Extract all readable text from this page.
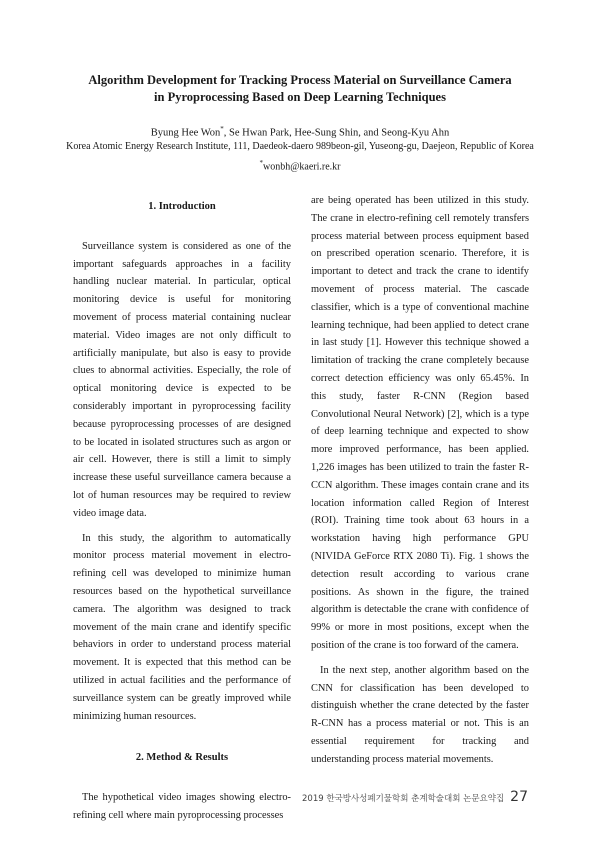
Algorithm Development for Tracking Process Material on Surveillance Camera
in Pyroprocessing Based on Deep Learning Techniques
Byung Hee Won*, Se Hwan Park, Hee-Sung Shin, and Seong-Kyu Ahn
Korea Atomic Energy Research Institute, 111, Daedeok-daero 989beon-gil, Yuseong-gu, Daejeon, Republic of Korea
*wonbh@kaeri.re.kr
1. Introduction

Surveillance system is considered as one of the important safeguards approaches in a facility handling nuclear material. In particular, optical monitoring device is useful for monitoring movement of process material containing nuclear material. Video images are not only difficult to artificially manipulate, but also is easy to provide clues to abnormal activities. Especially, the role of optical monitoring device is expected to be considerably important in pyroprocessing facility because pyroprocessing processes of are designed to be located in isolated structures such as argon or air cell. However, there is still a limit to simply increase these useful surveillance camera because a lot of human resources may be required to review video image data.

In this study, the algorithm to automatically monitor process material movement in electro-refining cell was developed to minimize human resources based on the hypothetical surveillance camera. The algorithm was designed to track movement of the main crane and identify specific behaviors in order to understand process material movement. It is expected that this method can be utilized in actual facilities and the performance of surveillance system can be greatly improved while minimizing human resources.

2. Method & Results

The hypothetical video images showing electro-refining cell where main pyroprocessing processes

are being operated has been utilized in this study. The crane in electro-refining cell remotely transfers process material between process equipment based on prescribed operation scenario. Therefore, it is important to detect and track the crane to identify movement of process material. The cascade classifier, which is a type of conventional machine learning technique, had been applied to detect crane in last study [1]. However this technique showed a limitation of tracking the crane completely because correct detection efficiency was only 65.45%. In this study, faster R-CNN (Region based Convolutional Neural Network) [2], which is a type of deep learning technique and expected to show more improved performance, has been applied. 1,226 images has been utilized to train the faster R-CCN algorithm. These images contain crane and its location information called Region of Interest (ROI). Training time took about 63 hours in a workstation having high performance GPU (NIVIDA GeForce RTX 2080 Ti). Fig. 1 shows the detection result according to various crane positions. As shown in the figure, the trained algorithm is detectable the crane with confidence of 99% or more in most positions, except when the position of the crane is too forward of the camera.

In the next step, another algorithm based on the CNN for classification has been developed to distinguish whether the crane detected by the faster R-CNN has a process material or not. This is an essential requirement for tracking and understanding process material movements.

2019 한국방사성폐기물학회 춘계학술대회 논문요약집 27
